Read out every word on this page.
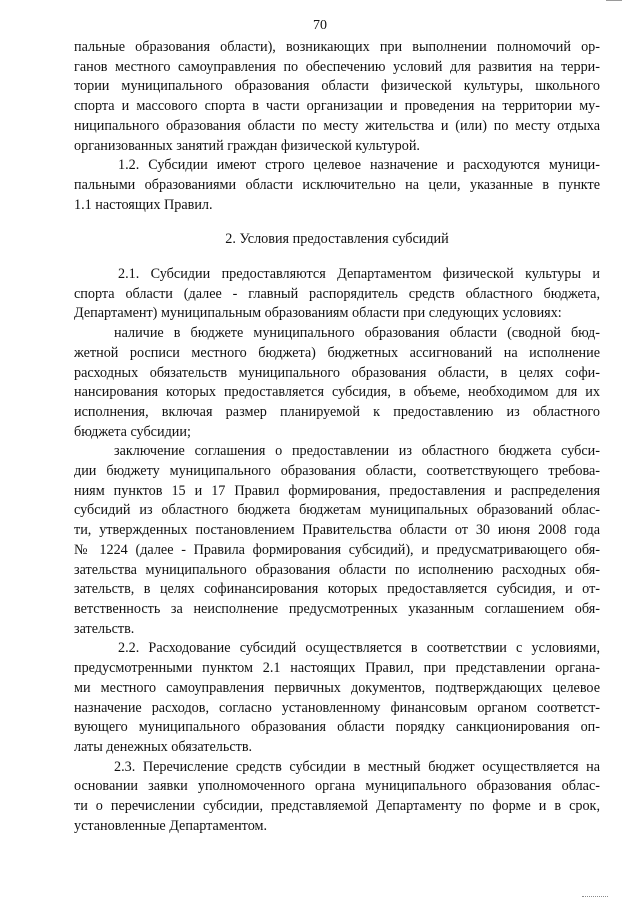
70
пальные образования области), возникающих при выполнении полномочий ор-
ганов местного самоуправления по обеспечению условий для развития на терри-
тории муниципального образования области физической культуры, школьного
спорта и массового спорта в части организации и проведения на территории му-
ниципального образования области по месту жительства и (или) по месту отдыха
организованных занятий граждан физической культурой.
1.2. Субсидии имеют строго целевое назначение и расходуются муници-
пальными образованиями области исключительно на цели, указанные в пункте
1.1 настоящих Правил.
2. Условия предоставления субсидий
2.1. Субсидии предоставляются Департаментом физической культуры и
спорта области (далее - главный распорядитель средств областного бюджета,
Департамент) муниципальным образованиям области при следующих условиях:
наличие в бюджете муниципального образования области (сводной бюд-
жетной росписи местного бюджета) бюджетных ассигнований на исполнение
расходных обязательств муниципального образования области, в целях софи-
нансирования которых предоставляется субсидия, в объеме, необходимом для их
исполнения, включая размер планируемой к предоставлению из областного
бюджета субсидии;
заключение соглашения о предоставлении из областного бюджета субси-
дии бюджету муниципального образования области, соответствующего требова-
ниям пунктов 15 и 17 Правил формирования, предоставления и распределения
субсидий из областного бюджета бюджетам муниципальных образований облас-
ти, утвержденных постановлением Правительства области от 30 июня 2008 года
№ 1224 (далее - Правила формирования субсидий), и предусматривающего обя-
зательства муниципального образования области по исполнению расходных обя-
зательств, в целях софинансирования которых предоставляется субсидия, и от-
ветственность за неисполнение предусмотренных указанным соглашением обя-
зательств.
2.2. Расходование субсидий осуществляется в соответствии с условиями,
предусмотренными пунктом 2.1 настоящих Правил, при представлении органа-
ми местного самоуправления первичных документов, подтверждающих целевое
назначение расходов, согласно установленному финансовым органом соответст-
вующего муниципального образования области порядку санкционирования оп-
латы денежных обязательств.
2.3. Перечисление средств субсидии в местный бюджет осуществляется на
основании заявки уполномоченного органа муниципального образования облас-
ти о перечислении субсидии, представляемой Департаменту по форме и в срок,
установленные Департаментом.
